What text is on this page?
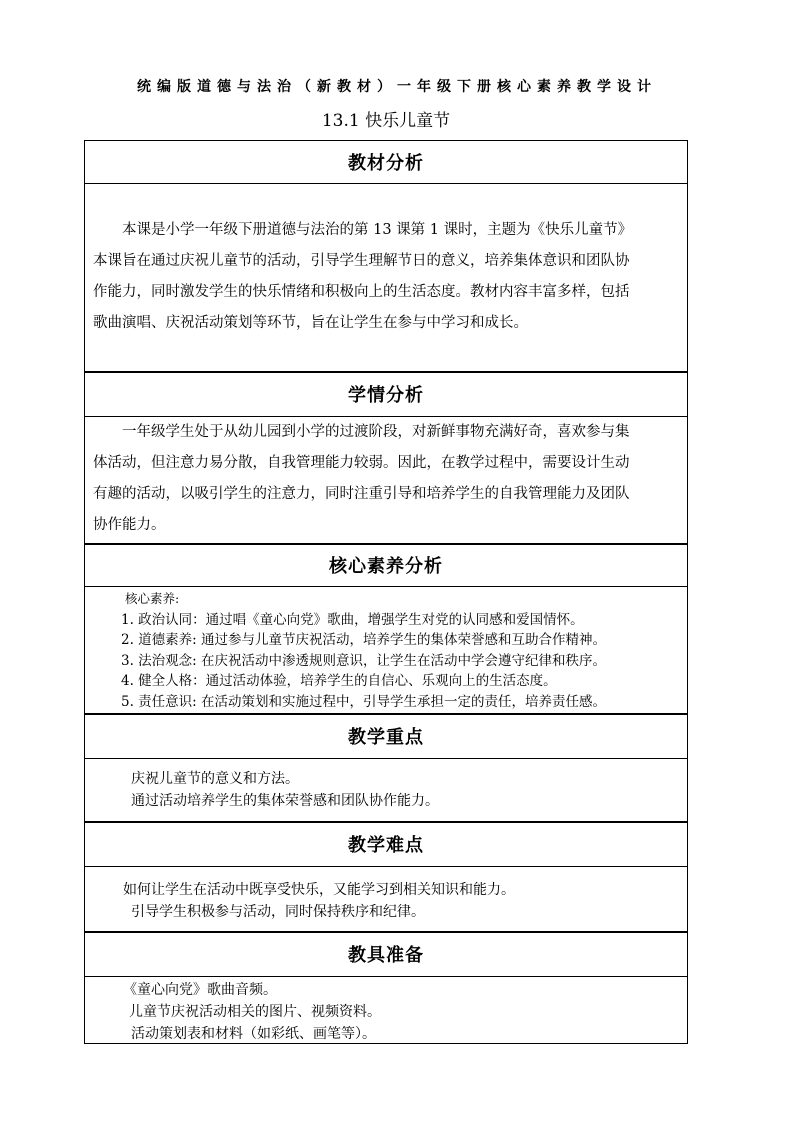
统编版道德与法治（新教材）一年级下册核心素养教学设计
13.1 快乐儿童节
教材分析

本课是小学一年级下册道德与法治的第 13 课第 1 课时，主题为《快乐儿童节》

本课旨在通过庆祝儿童节的活动，引导学生理解节日的意义，培养集体意识和团队协

作能力，同时激发学生的快乐情绪和积极向上的生活态度。教材内容丰富多样，包括

歌曲演唱、庆祝活动策划等环节，旨在让学生在参与中学习和成长。

学情分析

一年级学生处于从幼儿园到小学的过渡阶段，对新鲜事物充满好奇，喜欢参与集

体活动，但注意力易分散，自我管理能力较弱。因此，在教学过程中，需要设计生动

有趣的活动，以吸引学生的注意力，同时注重引导和培养学生的自我管理能力及团队

协作能力。

核心素养分析

核心素养:

1. 政治认同：通过唱《童心向党》歌曲，增强学生对党的认同感和爱国情怀。

2. 道德素养: 通过参与儿童节庆祝活动，培养学生的集体荣誉感和互助合作精神。

3. 法治观念: 在庆祝活动中渗透规则意识，让学生在活动中学会遵守纪律和秩序。

4. 健全人格：通过活动体验，培养学生的自信心、乐观向上的生活态度。

5. 责任意识: 在活动策划和实施过程中，引导学生承担一定的责任，培养责任感。

教学重点

庆祝儿童节的意义和方法。

通过活动培养学生的集体荣誉感和团队协作能力。

教学难点

如何让学生在活动中既享受快乐，又能学习到相关知识和能力。

引导学生积极参与活动，同时保持秩序和纪律。

教具准备

《童心向党》歌曲音频。

儿童节庆祝活动相关的图片、视频资料。

活动策划表和材料（如彩纸、画笔等）。
